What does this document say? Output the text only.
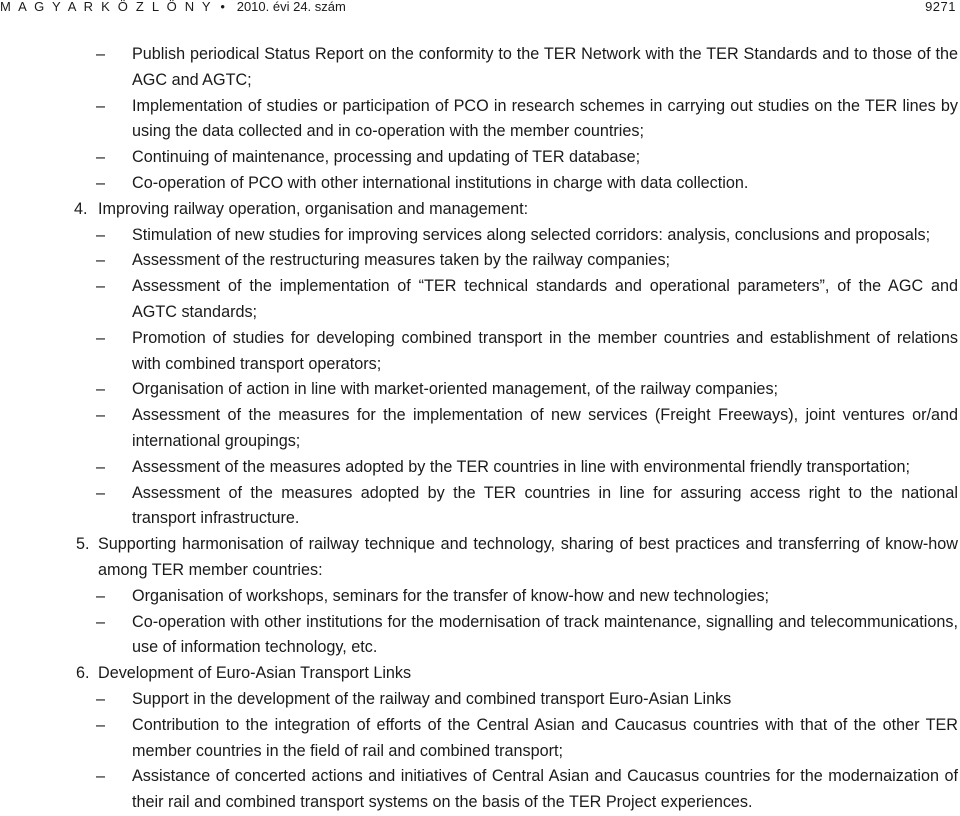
M A G Y A R K Ö Z L Ö N Y • 2010. évi 24. szám	9271

– Publish periodical Status Report on the conformity to the TER Network with the TER Standards and to those of the AGC and AGTC;

– Implementation of studies or participation of PCO in research schemes in carrying out studies on the TER lines by using the data collected and in co-operation with the member countries;

– Continuing of maintenance, processing and updating of TER database;

– Co-operation of PCO with other international institutions in charge with data collection.

4. Improving railway operation, organisation and management:

– Stimulation of new studies for improving services along selected corridors: analysis, conclusions and proposals;

– Assessment of the restructuring measures taken by the railway companies;

– Assessment of the implementation of “TER technical standards and operational parameters”, of the AGC and AGTC standards;

– Promotion of studies for developing combined transport in the member countries and establishment of relations with combined transport operators;

– Organisation of action in line with market-oriented management, of the railway companies;

– Assessment of the measures for the implementation of new services (Freight Freeways), joint ventures or/and international groupings;

– Assessment of the measures adopted by the TER countries in line with environmental friendly transportation;

– Assessment of the measures adopted by the TER countries in line for assuring access right to the national transport infrastructure.

5. Supporting harmonisation of railway technique and technology, sharing of best practices and transferring of know-how among TER member countries:

– Organisation of workshops, seminars for the transfer of know-how and new technologies;

– Co-operation with other institutions for the modernisation of track maintenance, signalling and telecommunications, use of information technology, etc.

6. Development of Euro-Asian Transport Links

– Support in the development of the railway and combined transport Euro-Asian Links

– Contribution to the integration of efforts of the Central Asian and Caucasus countries with that of the other TER member countries in the field of rail and combined transport;

– Assistance of concerted actions and initiatives of Central Asian and Caucasus countries for the modernaization of their rail and combined transport systems on the basis of the TER Project experiences.
